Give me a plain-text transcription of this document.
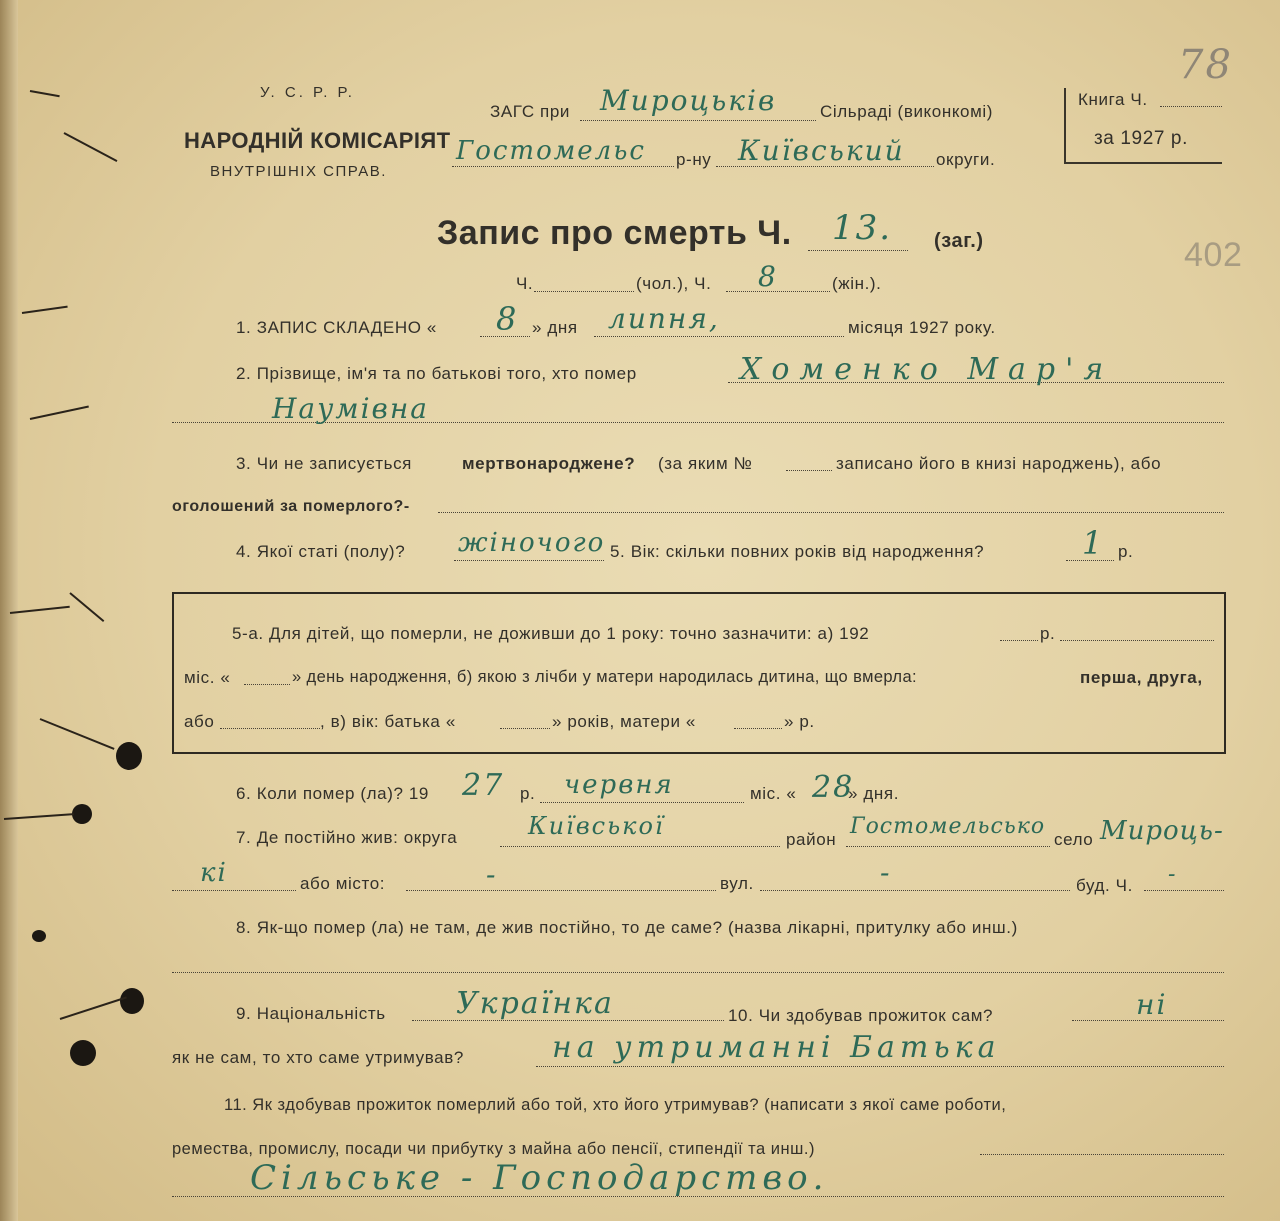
У. С. Р. Р.
НАРОДНІЙ КОМІСАРІЯТ
ВНУТРІШНІХ СПРАВ.
ЗАГС при Мироцьків	Сільраді (виконкомі)
Гостомельс р-ну Київський округи.
Книга Ч.
78
за 1927 р.
402
Запис про смерть Ч. 13. (заг.)
Ч.	(чол.), Ч. 8	(жін.).
1. ЗАПИС СКЛАДЕНО « 8 » дня липня,	місяця 1927 року.
2. Прізвище, ім'я та по батькові того, хто помер	Хоменко Мар'я
Наумівна
3. Чи не записується	мертвонароджене? (за яким №	записано його в книзі народжень), або
оголошений за померлого?-
4. Якої статі (полу)? жіночого 5. Вік: скільки повних років від народження?	1 р.
5-а. Для дітей, що померли, не доживши до 1 року: точно зазначити: а) 192	р.
міс. «	» день народження, б) якою з лічби у матери народилась дитина, що вмерла:	перша, друга,
або	, в) вік: батька «	» років, матери «	» р.
6. Коли помер (ла)? 19 27 р. червня	міс. « 28
» дня.
7. Де постійно жив: округа	Київської	район
Гостомельсько
село Мироць-
кі	або місто:	-	вул.	-	буд. Ч. -
8. Як-що помер (ла) не там, де жив постійно, то де саме? (назва лікарні, притулку або инш.)
9. Національність Українка	10. Чи здобував прожиток сам?	ні
як не сам, то хто саме утримував?	на утриманні Батька
11. Як здобував прожиток померлий або той, хто його утримував? (написати з якої саме роботи,
ремества, промислу, посади чи прибутку з майна або пенсії, стипендії та инш.)
Сільське - Господарство.
